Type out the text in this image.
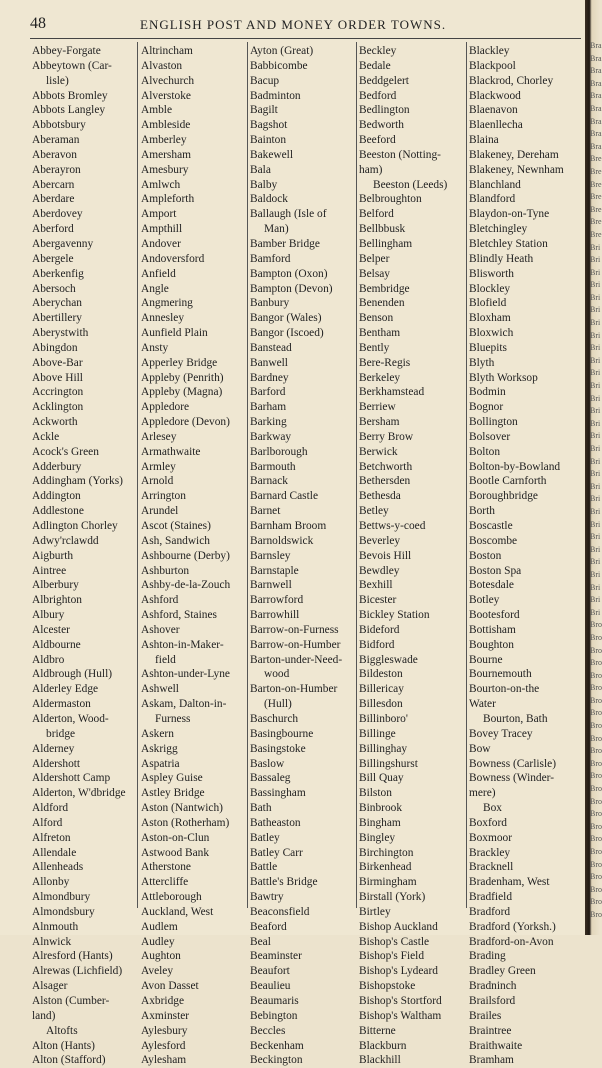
48	ENGLISH POST AND MONEY ORDER TOWNS.
Abbey-Forgate
Abbeytown (Car-
lisle)
Abbots Bromley
Abbots Langley
Abbotsbury
Aberaman
Aberavon
Aberayron
Abercarn
Aberdare
Aberdovey
Aberford
Abergavenny
Abergele
Aberkenfig
Abersoch
Aberychan
Abertillery
Aberystwith
Abingdon
Above-Bar
Above Hill
Accrington
Acklington
Ackworth
Ackle
Acock's Green
Adderbury
Addingham (Yorks)
Addington
Addlestone
Adlington Chorley
Adwy'rclawdd
Aigburth
Aintree
Alberbury
Albrighton
Albury
Alcester
Aldbourne
Aldbro
Aldbrough (Hull)
Alderley Edge
Aldermaston
Alderton, Wood-
bridge
Alderney
Aldershott
Aldershott Camp
Alderton, W'dbridge
Aldford
Alford
Alfreton
Allendale
Allenheads
Allonby
Almondbury
Almondsbury
Alnmouth
Alnwick
Alresford (Hants)
Alrewas (Lichfield)
Alsager
Alston (Cumber-
land)
Altofts
Alton (Hants)
Alton (Stafford)
Altrincham
Alvaston
Alvechurch
Alverstoke
Amble
Ambleside
Amberley
Amersham
Amesbury
Amlwch
Ampleforth
Amport
Ampthill
Andover
Andoversford
Anfield
Angle
Angmering
Annesley
Aunfield Plain
Ansty
Apperley Bridge
Appleby (Penrith)
Appleby (Magna)
Appledore
Appledore (Devon)
Arlesey
Armathwaite
Armley
Arnold
Arrington
Arundel
Ascot (Staines)
Ash, Sandwich
Ashbourne (Derby)
Ashburton
Ashby-de-la-Zouch
Ashford
Ashford, Staines
Ashover
Ashton-in-Maker-
field
Ashton-under-Lyne
Ashwell
Askam, Dalton-in-
Furness
Askern
Askrigg
Aspatria
Aspley Guise
Astley Bridge
Aston (Nantwich)
Aston (Rotherham)
Aston-on-Clun
Astwood Bank
Atherstone
Attercliffe
Attleborough
Auckland, West
Audlem
Audley
Aughton
Aveley
Avon Dasset
Axbridge
Axminster
Aylesbury
Aylesford
Aylesham
Ayton (Great)
Babbicombe
Bacup
Badminton
Bagilt
Bagshot
Bainton
Bakewell
Bala
Balby
Baldock
Ballaugh (Isle of
Man)
Bamber Bridge
Bamford
Bampton (Oxon)
Bampton (Devon)
Banbury
Bangor (Wales)
Bangor (Iscoed)
Banstead
Banwell
Bardney
Barford
Barham
Barking
Barkway
Barlborough
Barmouth
Barnack
Barnard Castle
Barnet
Barnham Broom
Barnoldswick
Barnsley
Barnstaple
Barnwell
Barrowford
Barrowhill
Barrow-on-Furness
Barrow-on-Humber
Barton-under-Need-
wood
Barton-on-Humber
(Hull)
Baschurch
Basingbourne
Basingstoke
Baslow
Bassaleg
Bassingham
Bath
Batheaston
Batley
Batley Carr
Battle
Battle's Bridge
Bawtry
Beaconsfield
Beaford
Beal
Beaminster
Beaufort
Beaulieu
Beaumaris
Bebington
Beccles
Beckenham
Beckington
Beckley
Bedale
Beddgelert
Bedford
Bedlington
Bedworth
Beeford
Beeston (Notting-
ham)
Beeston (Leeds)
Belbroughton
Belford
Bellbbusk
Bellingham
Belper
Belsay
Bembridge
Benenden
Benson
Bentham
Bently
Bere-Regis
Berkeley
Berkhamstead
Berriew
Bersham
Berry Brow
Berwick
Betchworth
Bethersden
Bethesda
Betley
Bettws-y-coed
Beverley
Bevois Hill
Bewdley
Bexhill
Bicester
Bickley Station
Bideford
Bidford
Biggleswade
Bildeston
Billericay
Billesdon
Billinboro'
Billinge
Billinghay
Billingshurst
Bill Quay
Bilston
Binbrook
Bingham
Bingley
Birchington
Birkenhead
Birmingham
Birstall (York)
Birtley
Bishop Auckland
Bishop's Castle
Bishop's Field
Bishop's Lydeard
Bishopstoke
Bishop's Stortford
Bishop's Waltham
Bitterne
Blackburn
Blackhill
Blackley
Blackpool
Blackrod, Chorley
Blackwood
Blaenavon
Blaenllecha
Blaina
Blakeney, Dereham
Blakeney, Newnham
Blanchland
Blandford
Blaydon-on-Tyne
Bletchingley
Bletchley Station
Blindly Heath
Blisworth
Blockley
Blofield
Bloxham
Bloxwich
Bluepits
Blyth
Blyth Worksop
Bodmin
Bognor
Bollington
Bolsover
Bolton
Bolton-by-Bowland
Bootle Carnforth
Boroughbridge
Borth
Boscastle
Boscombe
Boston
Boston Spa
Botesdale
Botley
Bootesford
Bottisham
Boughton
Bourne
Bournemouth
Bourton-on-the
Water
Bourton, Bath
Bovey Tracey
Bow
Bowness (Carlisle)
Bowness (Winder-
mere)
Box
Boxford
Boxmoor
Brackley
Bracknell
Bradenham, West
Bradfield
Bradford
Bradford (Yorksh.)
Bradford-on-Avon
Brading
Bradley Green
Bradninch
Brailsford
Brailes
Braintree
Braithwaite
Bramham
Bra
Bra
Bra
Bra
Bra
Bra
Bra
Bra
Bra
Bre
Bre
Bre
Bre
Bre
Bre
Bre
Bri
Bri
Bri
Bri
Bri
Bri
Bri
Bri
Bri
Bri
Bri
Bri
Bri
Bri
Bri
Bri
Bri
Bri
Bri
Bri
Bri
Bri
Bri
Bri
Bri
Bri
Bri
Bri
Bri
Bri
Bro
Bro
Bro
Bro
Bro
Bro
Bro
Bro
Bro
Bro
Bro
Bro
Bro
Bro
Bro
Bro
Bro
Bro
Bro
Bro
Bro
Bro
Bro
Bro
